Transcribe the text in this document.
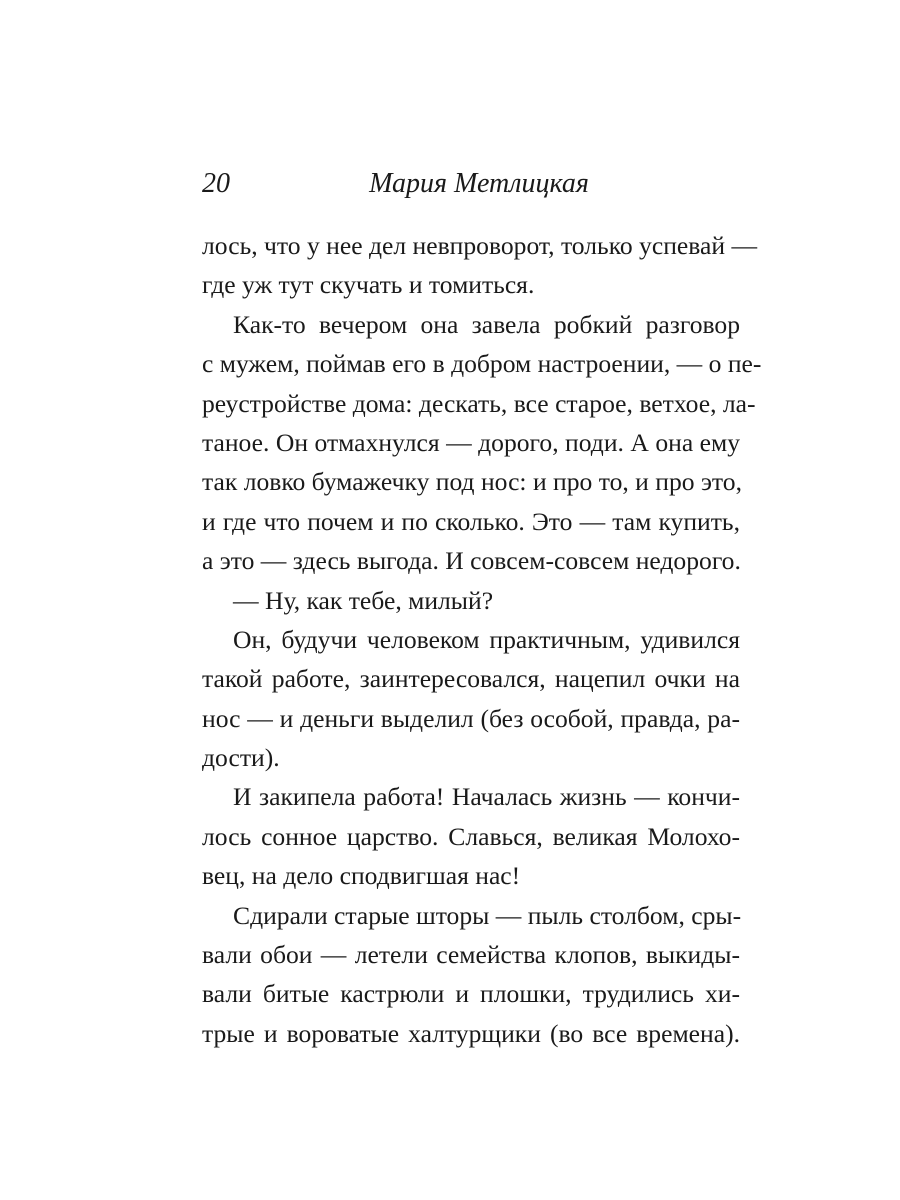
20	Мария Метлицкая
лось, что у нее дел невпроворот, только успевай —
где уж тут скучать и томиться.
Как-то вечером она завела робкий разговор
с мужем, поймав его в добром настроении, — о пе-
реустройстве дома: дескать, все старое, ветхое, ла-
таное. Он отмахнулся — дорого, поди. А она ему
так ловко бумажечку под нос: и про то, и про это,
и где что почем и по сколько. Это — там купить,
а это — здесь выгода. И совсем-совсем недорого.
— Ну, как тебе, милый?
Он, будучи человеком практичным, удивился
такой работе, заинтересовался, нацепил очки на
нос — и деньги выделил (без особой, правда, ра-
дости).
И закипела работа! Началась жизнь — кончи-
лось сонное царство. Славься, великая Молохо-
вец, на дело сподвигшая нас!
Сдирали старые шторы — пыль столбом, сры-
вали обои — летели семейства клопов, выкиды-
вали битые кастрюли и плошки, трудились хи-
трые и вороватые халтурщики (во все времена).
